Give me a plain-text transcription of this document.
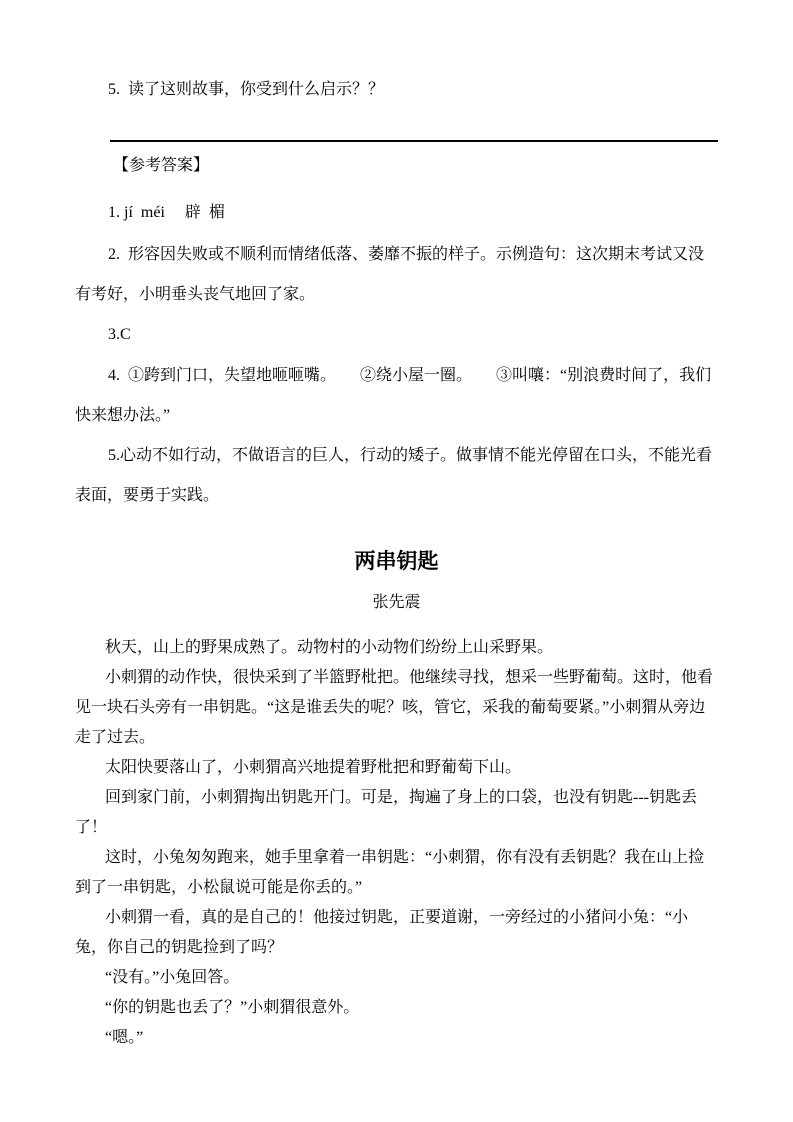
5.  读了这则故事，你受到什么启示？？
【参考答案】
1. jí  méi     辟  楣
2.  形容因失败或不顺利而情绪低落、萎靡不振的样子。示例造句：这次期末考试又没有考好，小明垂头丧气地回了家。
3.C
4.  ①跨到门口，失望地咂咂嘴。　　②绕小屋一圈。　　③叫嚷：“别浪费时间了，我们快来想办法。”
5.心动不如行动，不做语言的巨人，行动的矮子。做事情不能光停留在口头，不能光看表面，要勇于实践。
两串钥匙
张先震

秋天，山上的野果成熟了。动物村的小动物们纷纷上山采野果。

小刺猬的动作快，很快采到了半篮野枇把。他继续寻找，想采一些野葡萄。这时，他看见一块石头旁有一串钥匙。“这是谁丢失的呢？咳，管它，采我的葡萄要紧。”小刺猬从旁边走了过去。

太阳快要落山了，小刺猬高兴地提着野枇把和野葡萄下山。

回到家门前，小刺猬掏出钥匙开门。可是，掏遍了身上的口袋，也没有钥匙---钥匙丢了！

这时，小兔匆匆跑来，她手里拿着一串钥匙：“小刺猬，你有没有丢钥匙？我在山上捡到了一串钥匙，小松鼠说可能是你丢的。”

小刺猬一看，真的是自己的！他接过钥匙，正要道谢，一旁经过的小猪问小兔：“小兔，你自己的钥匙捡到了吗？

“没有。”小兔回答。

“你的钥匙也丢了？”小刺猬很意外。

“嗯。”
